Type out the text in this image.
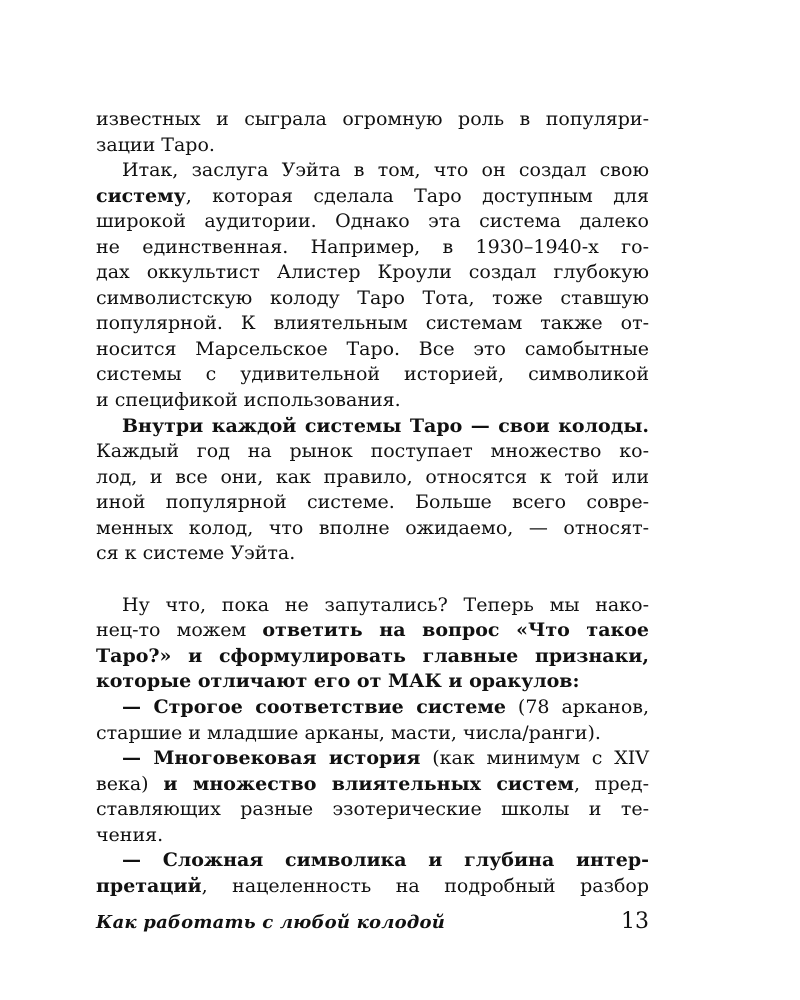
известных и сыграла огромную роль в популяри-
зации Таро.
Итак, заслуга Уэйта в том, что он создал свою
систему, которая сделала Таро доступным для
широкой аудитории. Однако эта система далеко
не единственная. Например, в 1930–1940-х го-
дах оккультист Алистер Кроули создал глубокую
символистскую колоду Таро Тота, тоже ставшую
популярной. К влиятельным системам также от-
носится Марсельское Таро. Все это самобытные
системы с удивительной историей, символикой
и спецификой использования.
Внутри каждой системы Таро — свои колоды.
Каждый год на рынок поступает множество ко-
лод, и все они, как правило, относятся к той или
иной популярной системе. Больше всего совре-
менных колод, что вполне ожидаемо, — относят-
ся к системе Уэйта.
Ну что, пока не запутались? Теперь мы нако-
нец-то можем ответить на вопрос «Что такое
Таро?» и сформулировать главные признаки,
которые отличают его от МАК и оракулов:
— Строгое соответствие системе (78 арканов,
старшие и младшие арканы, масти, числа/ранги).
— Многовековая история (как минимум с XIV
века) и множество влиятельных систем, пред-
ставляющих разные эзотерические школы и те-
чения.
— Сложная символика и глубина интер-
претаций, нацеленность на подробный разбор
Как работать с любой колодой	13
